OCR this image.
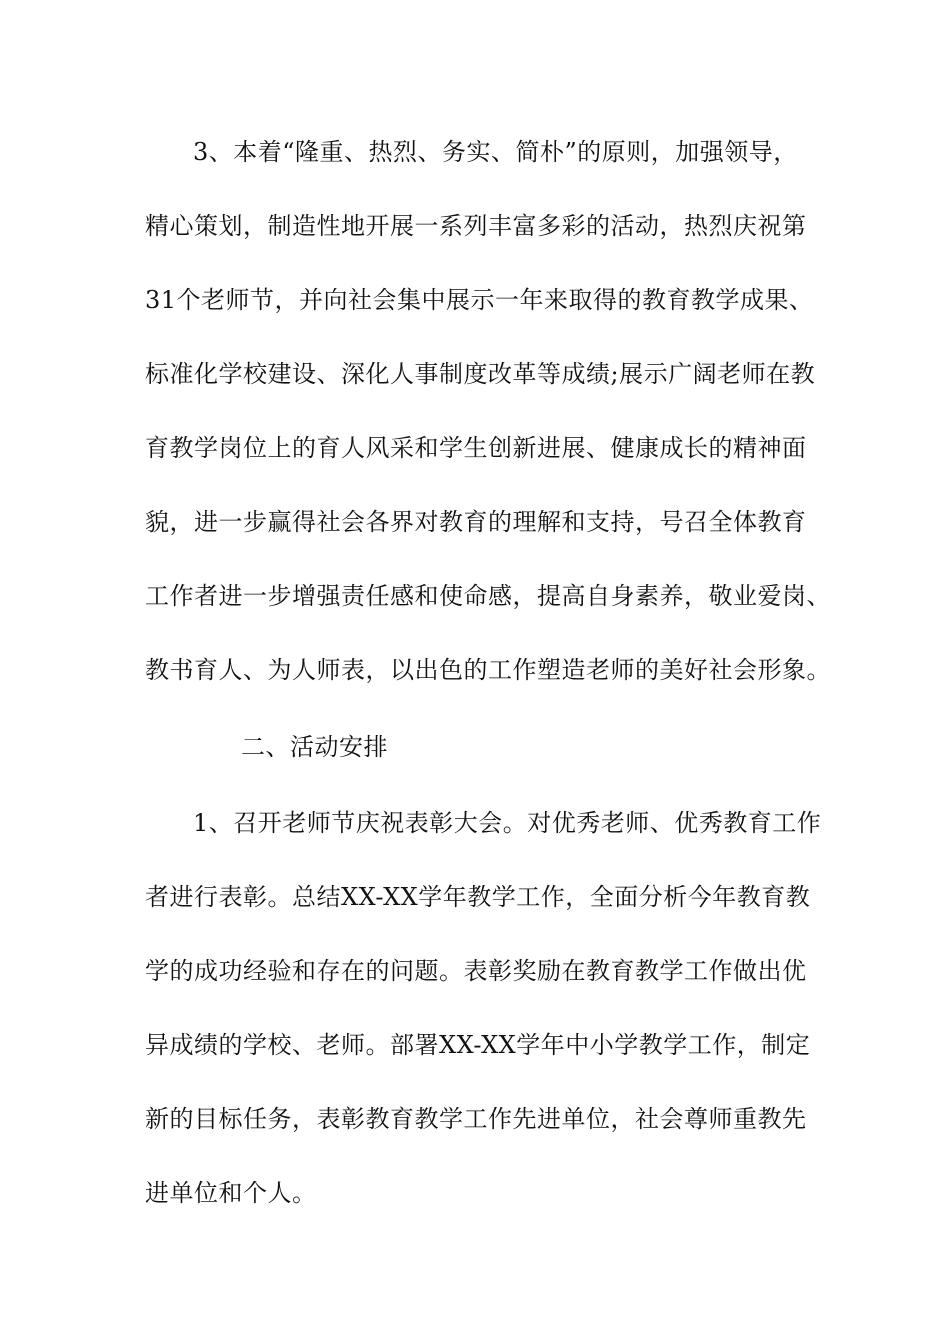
3、本着“隆重、热烈、务实、简朴”的原则，加强领导，
精心策划，制造性地开展一系列丰富多彩的活动，热烈庆祝第
31个老师节，并向社会集中展示一年来取得的教育教学成果、
标准化学校建设、深化人事制度改革等成绩;展示广阔老师在教
育教学岗位上的育人风采和学生创新进展、健康成长的精神面
貌，进一步赢得社会各界对教育的理解和支持，号召全体教育
工作者进一步增强责任感和使命感，提高自身素养，敬业爱岗、
教书育人、为人师表，以出色的工作塑造老师的美好社会形象。
二、活动安排
1、召开老师节庆祝表彰大会。对优秀老师、优秀教育工作
者进行表彰。总结XX-XX学年教学工作，全面分析今年教育教
学的成功经验和存在的问题。表彰奖励在教育教学工作做出优
异成绩的学校、老师。部署XX-XX学年中小学教学工作，制定
新的目标任务，表彰教育教学工作先进单位，社会尊师重教先
进单位和个人。
